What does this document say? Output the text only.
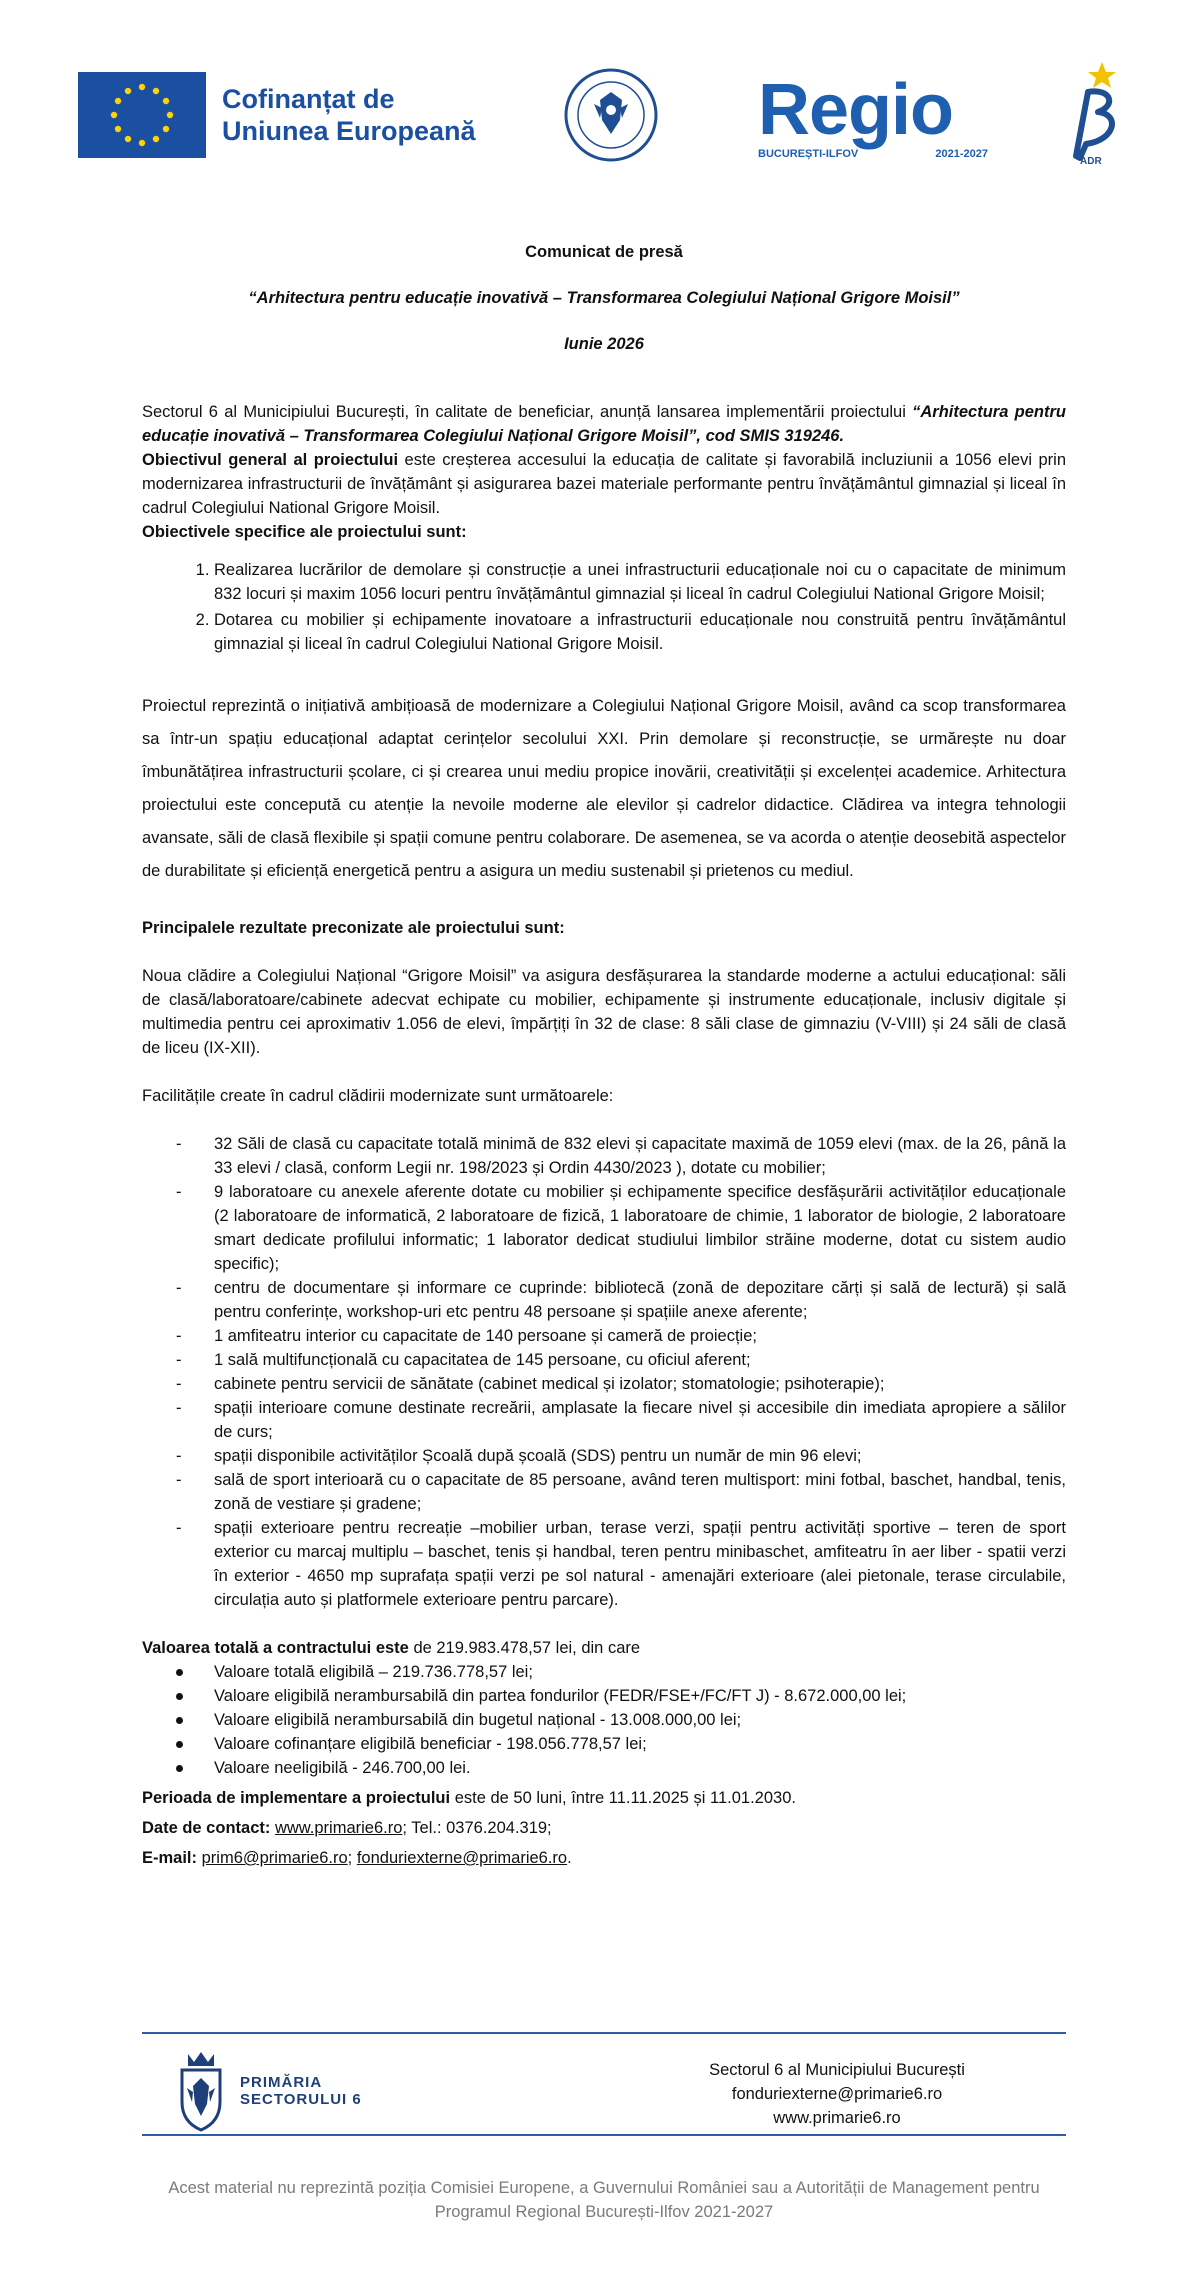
Cofinanțat de
Uniunea Europeană	Regio
BUCUREȘTI-ILFOV	2021-2027
ADR

Comunicat de presă

“Arhitectura pentru educație inovativă – Transformarea Colegiului Național Grigore Moisil”

Iunie 2026

Sectorul 6 al Municipiului București, în calitate de beneficiar, anunță lansarea implementării proiectului “Arhitectura pentru educație inovativă – Transformarea Colegiului Național Grigore Moisil”, cod SMIS 319246.

Obiectivul general al proiectului este creșterea accesului la educația de calitate și favorabilă incluziunii a 1056 elevi prin modernizarea infrastructurii de învățământ și asigurarea bazei materiale performante pentru învățământul gimnazial și liceal în cadrul Colegiului National Grigore Moisil.

Obiectivele specifice ale proiectului sunt:

1. Realizarea lucrărilor de demolare și construcție a unei infrastructurii educaționale noi cu o capacitate de minimum 832 locuri și maxim 1056 locuri pentru învățământul gimnazial și liceal în cadrul Colegiului National Grigore Moisil;
2. Dotarea cu mobilier și echipamente inovatoare a infrastructurii educaționale nou construită pentru învățământul gimnazial și liceal în cadrul Colegiului National Grigore Moisil.

Proiectul reprezintă o inițiativă ambițioasă de modernizare a Colegiului Național Grigore Moisil, având ca scop transformarea sa într-un spațiu educațional adaptat cerințelor secolului XXI. Prin demolare și reconstrucție, se urmărește nu doar îmbunătățirea infrastructurii școlare, ci și crearea unui mediu propice inovării, creativității și excelenței academice. Arhitectura proiectului este concepută cu atenție la nevoile moderne ale elevilor și cadrelor didactice. Clădirea va integra tehnologii avansate, săli de clasă flexibile și spații comune pentru colaborare. De asemenea, se va acorda o atenție deosebită aspectelor de durabilitate și eficiență energetică pentru a asigura un mediu sustenabil și prietenos cu mediul.

Principalele rezultate preconizate ale proiectului sunt:

Noua clădire a Colegiului Național “Grigore Moisil” va asigura desfășurarea la standarde moderne a actului educațional: săli de clasă/laboratoare/cabinete adecvat echipate cu mobilier, echipamente și instrumente educaționale, inclusiv digitale și multimedia pentru cei aproximativ 1.056 de elevi, împărțiți în 32 de clase: 8 săli clase de gimnaziu (V-VIII) și 24 săli de clasă de liceu (IX-XII).

Facilitățile create în cadrul clădirii modernizate sunt următoarele:

- 32 Săli de clasă cu capacitate totală minimă de 832 elevi și capacitate maximă de 1059 elevi (max. de la 26, până la 33 elevi / clasă, conform Legii nr. 198/2023 și Ordin 4430/2023 ), dotate cu mobilier;
- 9 laboratoare cu anexele aferente dotate cu mobilier și echipamente specifice desfășurării activităților educaționale (2 laboratoare de informatică, 2 laboratoare de fizică, 1 laboratoare de chimie, 1 laborator de biologie, 2 laboratoare smart dedicate profilului informatic; 1 laborator dedicat studiului limbilor străine moderne, dotat cu sistem audio specific);
- centru de documentare și informare ce cuprinde: bibliotecă (zonă de depozitare cărți și sală de lectură) și sală pentru conferințe, workshop-uri etc pentru 48 persoane și spațiile anexe aferente;
- 1 amfiteatru interior cu capacitate de 140 persoane și cameră de proiecție;
- 1 sală multifuncțională cu capacitatea de 145 persoane, cu oficiul aferent;
- cabinete pentru servicii de sănătate (cabinet medical și izolator; stomatologie; psihoterapie);
- spații interioare comune destinate recreării, amplasate la fiecare nivel și accesibile din imediata apropiere a sălilor de curs;
- spații disponibile activităților Școală după școală (SDS) pentru un număr de min 96 elevi;
- sală de sport interioară cu o capacitate de 85 persoane, având teren multisport: mini fotbal, baschet, handbal, tenis, zonă de vestiare și gradene;
- spații exterioare pentru recreație –mobilier urban, terase verzi, spații pentru activități sportive – teren de sport exterior cu marcaj multiplu – baschet, tenis și handbal, teren pentru minibaschet, amfiteatru în aer liber - spatii verzi în exterior - 4650 mp suprafața spații verzi pe sol natural - amenajări exterioare (alei pietonale, terase circulabile, circulația auto și platformele exterioare pentru parcare).

Valoarea totală a contractului este de 219.983.478,57 lei, din care

Valoare totală eligibilă – 219.736.778,57 lei;
Valoare eligibilă nerambursabilă din partea fondurilor (FEDR/FSE+/FC/FT J) - 8.672.000,00 lei;
Valoare eligibilă nerambursabilă din bugetul național - 13.008.000,00 lei;
Valoare cofinanțare eligibilă beneficiar - 198.056.778,57 lei;
Valoare neeligibilă - 246.700,00 lei.

Perioada de implementare a proiectului este de 50 luni, între 11.11.2025 și 11.01.2030.

Date de contact: www.primarie6.ro; Tel.: 0376.204.319;

E-mail: prim6@primarie6.ro; fonduriexterne@primarie6.ro.

PRIMĂRIA
SECTORULUI 6
Sectorul 6 al Municipiului București
fonduriexterne@primarie6.ro
www.primarie6.ro
Acest material nu reprezintă poziția Comisiei Europene, a Guvernului României sau a Autorității de Management pentru Programul Regional București-Ilfov 2021-2027
